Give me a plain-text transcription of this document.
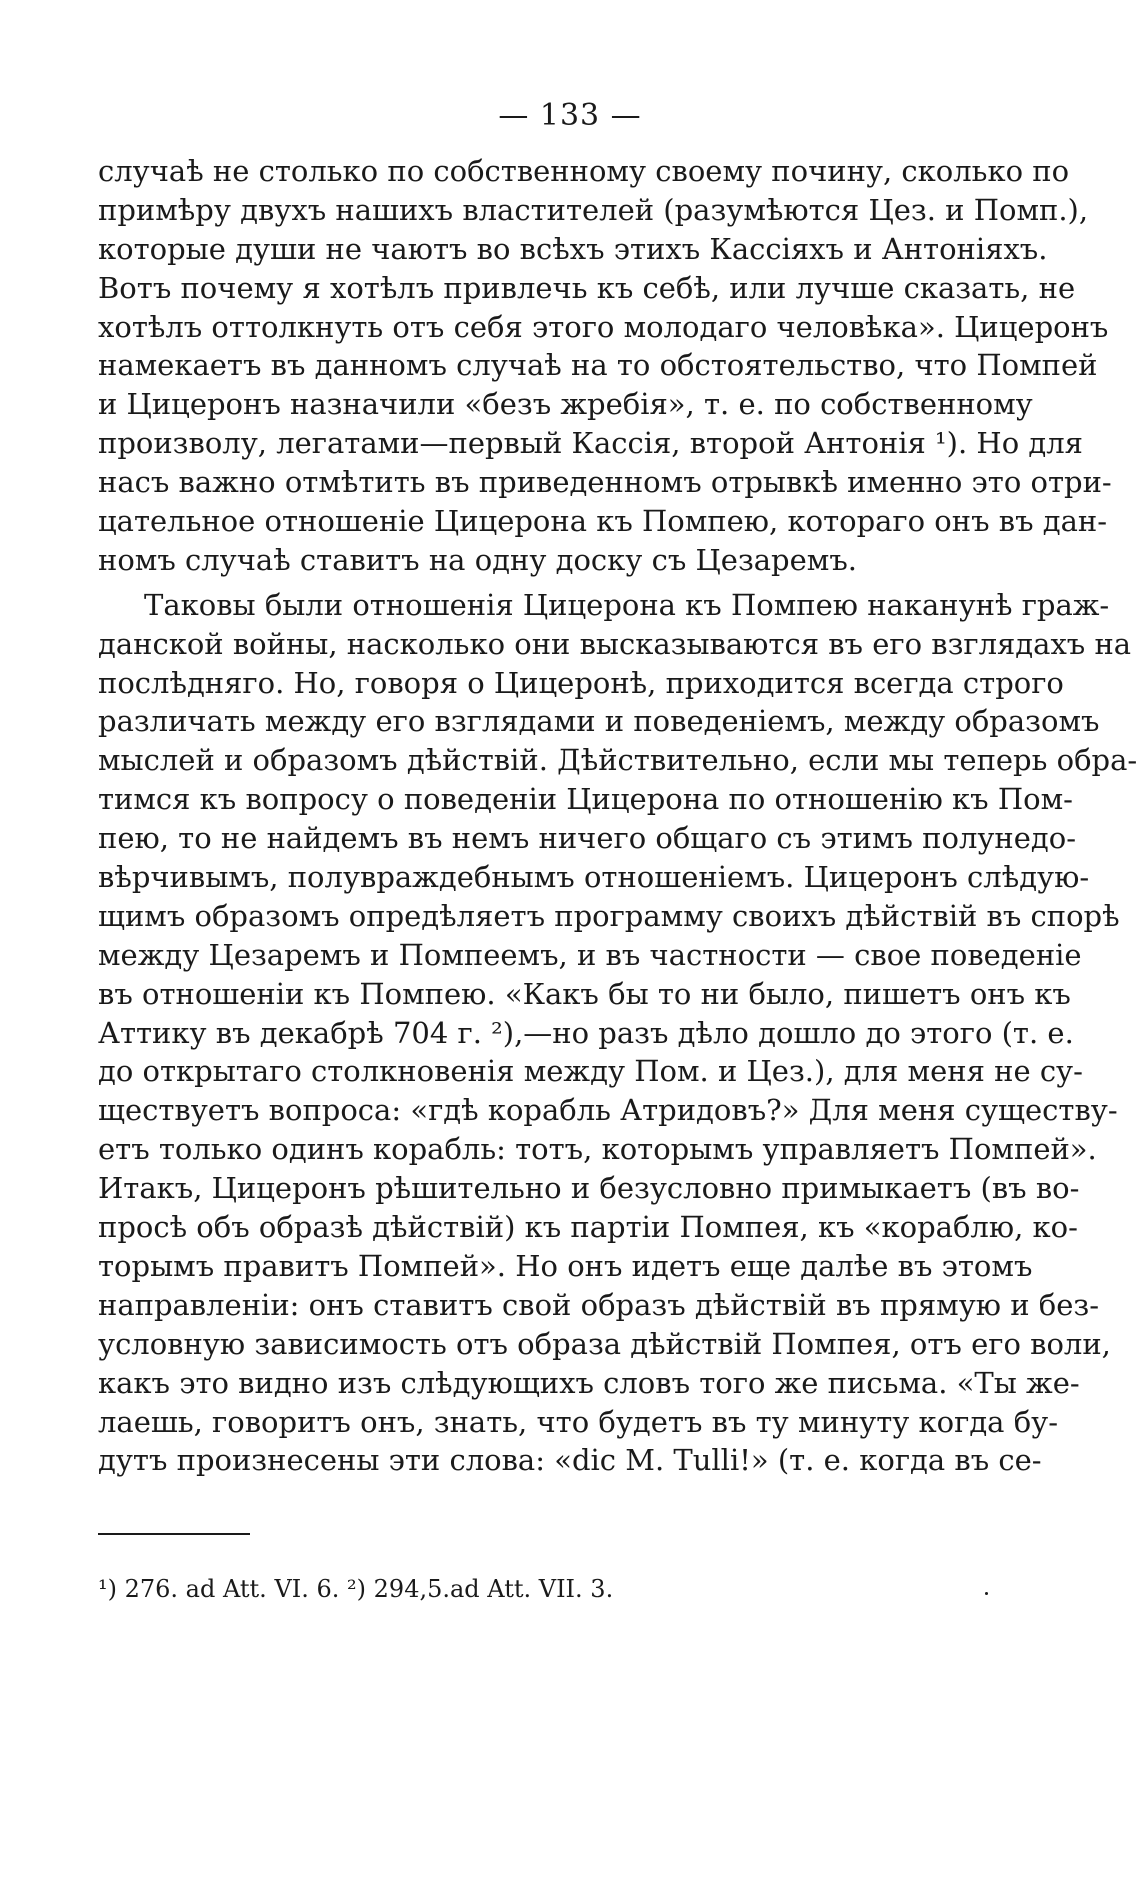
— 133 —
случаѣ не столько по собственному своему почину, сколько по
примѣру двухъ нашихъ властителей (разумѣются Цез. и Помп.),
которые души не чаютъ во всѣхъ этихъ Кассіяхъ и Антоніяхъ.
Вотъ почему я хотѣлъ привлечь къ себѣ, или лучше сказать, не
хотѣлъ оттолкнуть отъ себя этого молодаго человѣка». Цицеронъ
намекаетъ въ данномъ случаѣ на то обстоятельство, что Помпей
и Цицеронъ назначили «безъ жребія», т. е. по собственному
произволу, легатами—первый Кассія, второй Антонія ¹). Но для
насъ важно отмѣтить въ приведенномъ отрывкѣ именно это отри-
цательное отношеніе Цицерона къ Помпею, котораго онъ въ дан-
номъ случаѣ ставитъ на одну доску съ Цезаремъ.
Таковы были отношенія Цицерона къ Помпею наканунѣ граж-
данской войны, насколько они высказываются въ его взглядахъ на
послѣдняго. Но, говоря о Цицеронѣ, приходится всегда строго
различать между его взглядами и поведеніемъ, между образомъ
мыслей и образомъ дѣйствій. Дѣйствительно, если мы теперь обра-
тимся къ вопросу о поведеніи Цицерона по отношенію къ Пом-
пею, то не найдемъ въ немъ ничего общаго съ этимъ полунедо-
вѣрчивымъ, полувраждебнымъ отношеніемъ. Цицеронъ слѣдую-
щимъ образомъ опредѣляетъ программу своихъ дѣйствій въ спорѣ
между Цезаремъ и Помпеемъ, и въ частности — свое поведеніе
въ отношеніи къ Помпею. «Какъ бы то ни было, пишетъ онъ къ
Аттику въ декабрѣ 704 г. ²),—но разъ дѣло дошло до этого (т. е.
до открытаго столкновенія между Пом. и Цез.), для меня не су-
ществуетъ вопроса: «гдѣ корабль Атридовъ?» Для меня существу-
етъ только одинъ корабль: тотъ, которымъ управляетъ Помпей».
Итакъ, Цицеронъ рѣшительно и безусловно примыкаетъ (въ во-
просѣ объ образѣ дѣйствій) къ партіи Помпея, къ «кораблю, ко-
торымъ правитъ Помпей». Но онъ идетъ еще далѣе въ этомъ
направленіи: онъ ставитъ свой образъ дѣйствій въ прямую и без-
условную зависимость отъ образа дѣйствій Помпея, отъ его воли,
какъ это видно изъ слѣдующихъ словъ того же письма. «Ты же-
лаешь, говоритъ онъ, знать, что будетъ въ ту минуту когда бу-
дутъ произнесены эти слова: «dic M. Tulli!» (т. е. когда въ се-
¹) 276. ad Att. VI. 6. ²) 294,5.ad Att. VII. 3.
